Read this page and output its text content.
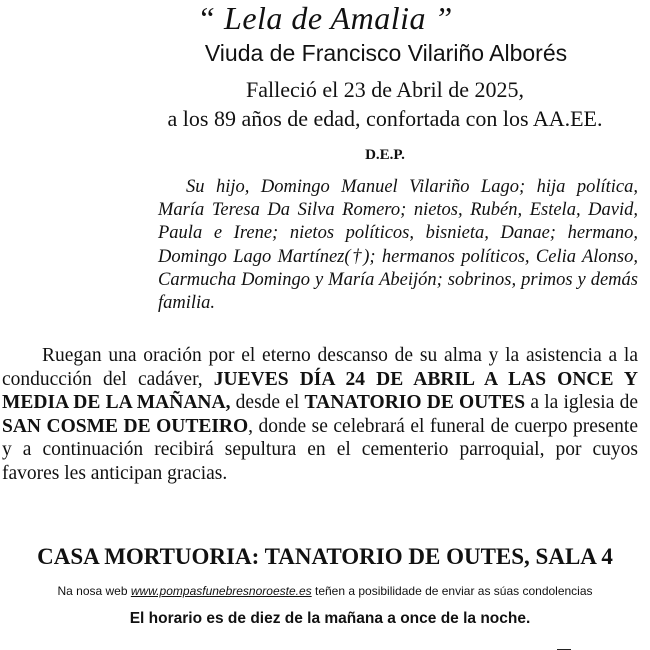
“ Lela de Amalia ”
Viuda de Francisco Vilariño Alborés
Falleció el 23 de Abril de 2025,
a los 89 años de edad, confortada con los AA.EE.
D.E.P.

Su hijo, Domingo Manuel Vilariño Lago; hija política, María Teresa Da Silva Romero; nietos, Rubén, Estela, David, Paula e Irene; nietos políticos, bisnieta, Danae; hermano, Domingo Lago Martínez(†); hermanos políticos, Celia Alonso, Carmucha Domingo y María Abeijón; sobrinos, primos y demás familia.

Ruegan una oración por el eterno descanso de su alma y la asistencia a la conducción del cadáver, JUEVES DÍA 24 DE ABRIL A LAS ONCE Y MEDIA DE LA MAÑANA, desde el TANATORIO DE OUTES a la iglesia de SAN COSME DE OUTEIRO, donde se celebrará el funeral de cuerpo presente y a continuación recibirá sepultura en el cementerio parroquial, por cuyos favores les anticipan gracias.

CASA MORTUORIA: TANATORIO DE OUTES, SALA 4
Na nosa web www.pompasfunebresnoroeste.es teñen a posibilidade de enviar as súas condolencias
El horario es de diez de la mañana a once de la noche.
